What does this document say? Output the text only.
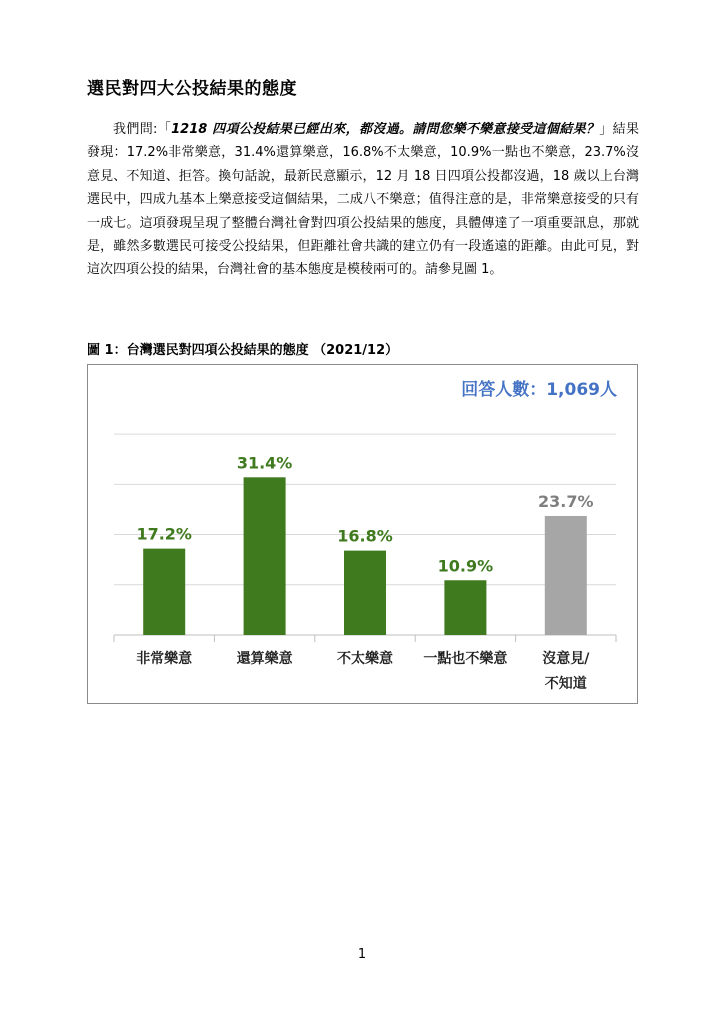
選民對四大公投結果的態度

我們問:「1218 四項公投結果已經出來，都沒過。請問您樂不樂意接受這個結果？」結果發現：17.2%非常樂意，31.4%還算樂意，16.8%不太樂意，10.9%一點也不樂意，23.7%沒意見、不知道、拒答。換句話說，最新民意顯示，12 月 18 日四項公投都沒過，18 歲以上台灣選民中，四成九基本上樂意接受這個結果，二成八不樂意；值得注意的是，非常樂意接受的只有一成七。這項發現呈現了整體台灣社會對四項公投結果的態度，具體傳達了一項重要訊息，那就是，雖然多數選民可接受公投結果，但距離社會共識的建立仍有一段遙遠的距離。由此可見，對這次四項公投的結果，台灣社會的基本態度是模稜兩可的。請參見圖 1。

圖 1：台灣選民對四項公投結果的態度 （2021/12）
17.2%
非常樂意
31.4%
還算樂意
16.8%
不太樂意
10.9%
一點也不樂意
23.7%
沒意見/不知道
回答人數：1,069人
1
